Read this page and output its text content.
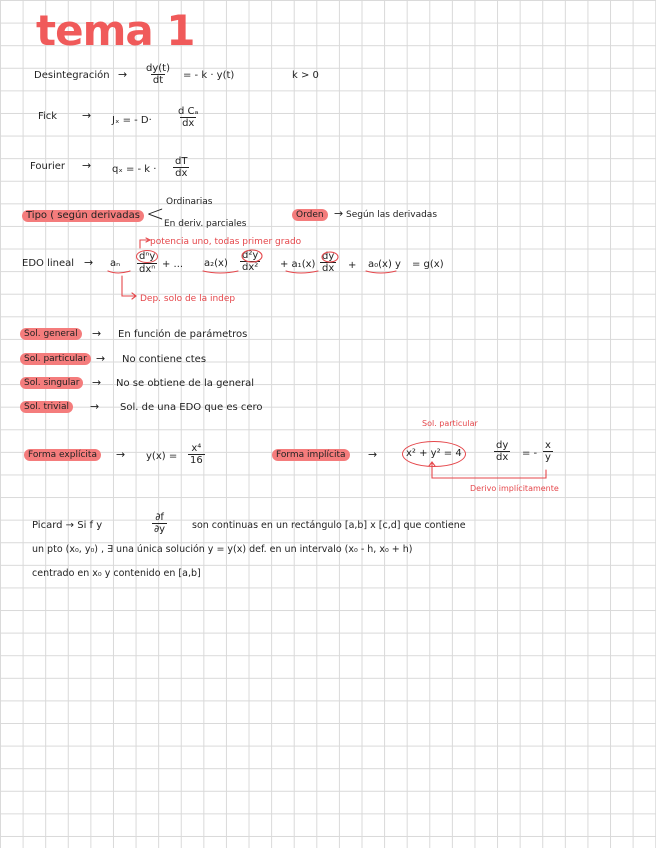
tema 1
Desintegración → $\frac{dy(t)}{dt}$ = - k · y(t)	k > 0
Fick → Jₓ = - $D\cdot \frac{\text{d Cₐ}}{dx}$
Fourier → qₓ = - $k \cdot \frac{dT}{dx}$
Tipo ( según derivadas < Ordinarias
En deriv. parciales
Orden → Según las derivadas
potencia uno, todas primer grado
EDO lineal → aₙ
dⁿy
dxⁿ + ... $a_2(x) \frac{\text{d²y}}{\text{dx²}} + a_1(x) \frac{dy}{dx} + a_0(x) y = g(x)$
Dep. solo de la indep
Sol. general	→ En función de parámetros
Sol. particular → No contiene ctes
Sol. singular	→ No se obtiene de la general
Sol. trivial	→ Sol. de una EDO que es cero
Sol. particular
Forma explícita	→ $y(x) = \frac{\text{x⁴}}{16}$	Forma implícita	→	x² + y² = 4	$\frac{dy}{dx}$ = - $\frac{x}{y}$
Derivo implícitamente
Picard → Si f y	$\frac{\partial f}{\partial y}$	son continuas en un rectángulo [a,b] x [c,d] que contiene
un pto (x₀, y₀) , ∃ una única solución y = y(x) def. en un intervalo (x₀ - h, x₀ + h)
centrado en x₀ y contenido en [a,b]
